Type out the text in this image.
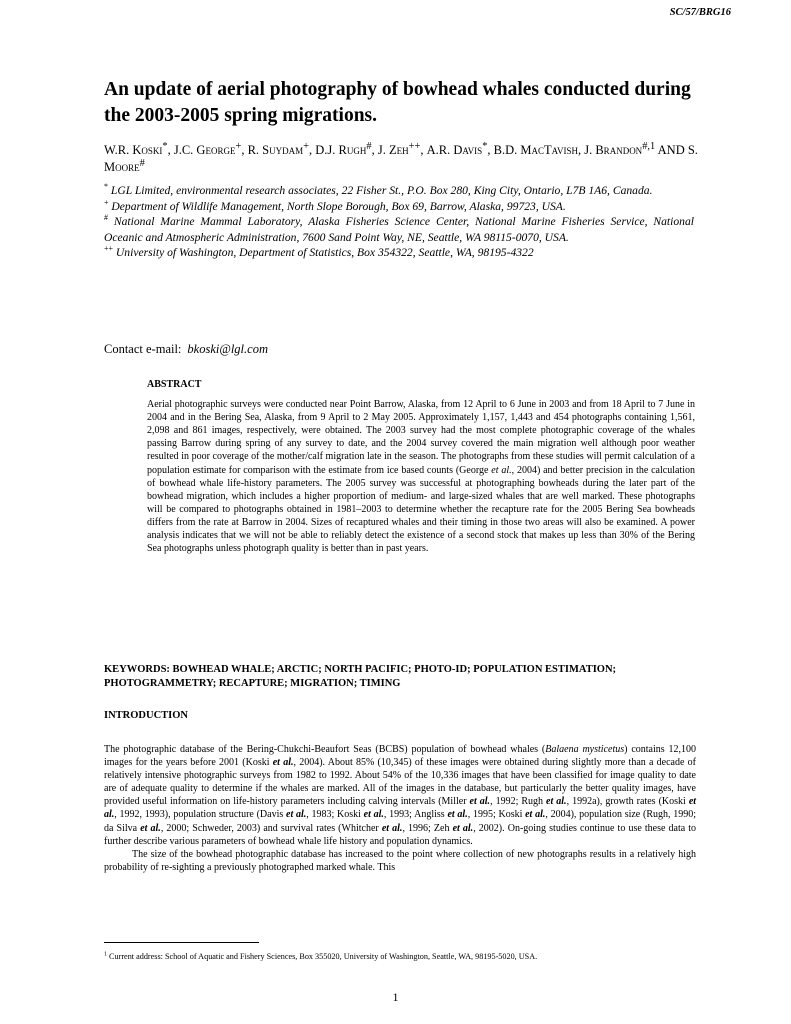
SC/57/BRG16
An update of aerial photography of bowhead whales conducted during the 2003-2005 spring migrations.
W.R. Koski*, J.C. George+, R. Suydam+, D.J. Rugh#, J. Zeh++, A.R. Davis*, B.D. MacTavish, J. Brandon$^{\#,1}$ AND S. Moore#

* LGL Limited, environmental research associates, 22 Fisher St., P.O. Box 280, King City, Ontario, L7B 1A6, Canada.

+ Department of Wildlife Management, North Slope Borough, Box 69, Barrow, Alaska, 99723, USA.

# National Marine Mammal Laboratory, Alaska Fisheries Science Center, National Marine Fisheries Service, National Oceanic and Atmospheric Administration, 7600 Sand Point Way, NE, Seattle, WA 98115-0070, USA.

++ University of Washington, Department of Statistics, Box 354322, Seattle, WA, 98195-4322

Contact e-mail: bkoski@lgl.com
ABSTRACT

Aerial photographic surveys were conducted near Point Barrow, Alaska, from 12 April to 6 June in 2003 and from 18 April to 7 June in 2004 and in the Bering Sea, Alaska, from 9 April to 2 May 2005. Approximately 1,157, 1,443 and 454 photographs containing 1,561, 2,098 and 861 images, respectively, were obtained. The 2003 survey had the most complete photographic coverage of the whales passing Barrow during spring of any survey to date, and the 2004 survey covered the main migration well although poor weather resulted in poor coverage of the mother/calf migration late in the season. The photographs from these studies will permit calculation of a population estimate for comparison with the estimate from ice based counts (George et al., 2004) and better precision in the calculation of bowhead whale life-history parameters. The 2005 survey was successful at photographing bowheads during the later part of the bowhead migration, which includes a higher proportion of medium- and large-sized whales that are well marked. These photographs will be compared to photographs obtained in 1981–2003 to determine whether the recapture rate for the 2005 Bering Sea bowheads differs from the rate at Barrow in 2004. Sizes of recaptured whales and their timing in those two areas will also be examined. A power analysis indicates that we will not be able to reliably detect the existence of a second stock that makes up less than 30% of the Bering Sea photographs unless photograph quality is better than in past years.

KEYWORDS: BOWHEAD WHALE; ARCTIC; NORTH PACIFIC; PHOTO-ID; POPULATION ESTIMATION; PHOTOGRAMMETRY; RECAPTURE; MIGRATION; TIMING
INTRODUCTION

The photographic database of the Bering-Chukchi-Beaufort Seas (BCBS) population of bowhead whales (Balaena mysticetus) contains 12,100 images for the years before 2001 (Koski et al., 2004). About 85% (10,345) of these images were obtained during slightly more than a decade of relatively intensive photographic surveys from 1982 to 1992. About 54% of the 10,336 images that have been classified for image quality to date are of adequate quality to determine if the whales are marked. All of the images in the database, but particularly the better quality images, have provided useful information on life-history parameters including calving intervals (Miller et al., 1992; Rugh et al., 1992a), growth rates (Koski et al., 1992, 1993), population structure (Davis et al., 1983; Koski et al., 1993; Angliss et al., 1995; Koski et al., 2004), population size (Rugh, 1990; da Silva et al., 2000; Schweder, 2003) and survival rates (Whitcher et al., 1996; Zeh et al., 2002). On-going studies continue to use these data to further describe various parameters of bowhead whale life history and population dynamics.

The size of the bowhead photographic database has increased to the point where collection of new photographs results in a relatively high probability of re-sighting a previously photographed marked whale. This

$^1$ Current address: School of Aquatic and Fishery Sciences, Box 355020, University of Washington, Seattle, WA, 98195-5020, USA.
1
